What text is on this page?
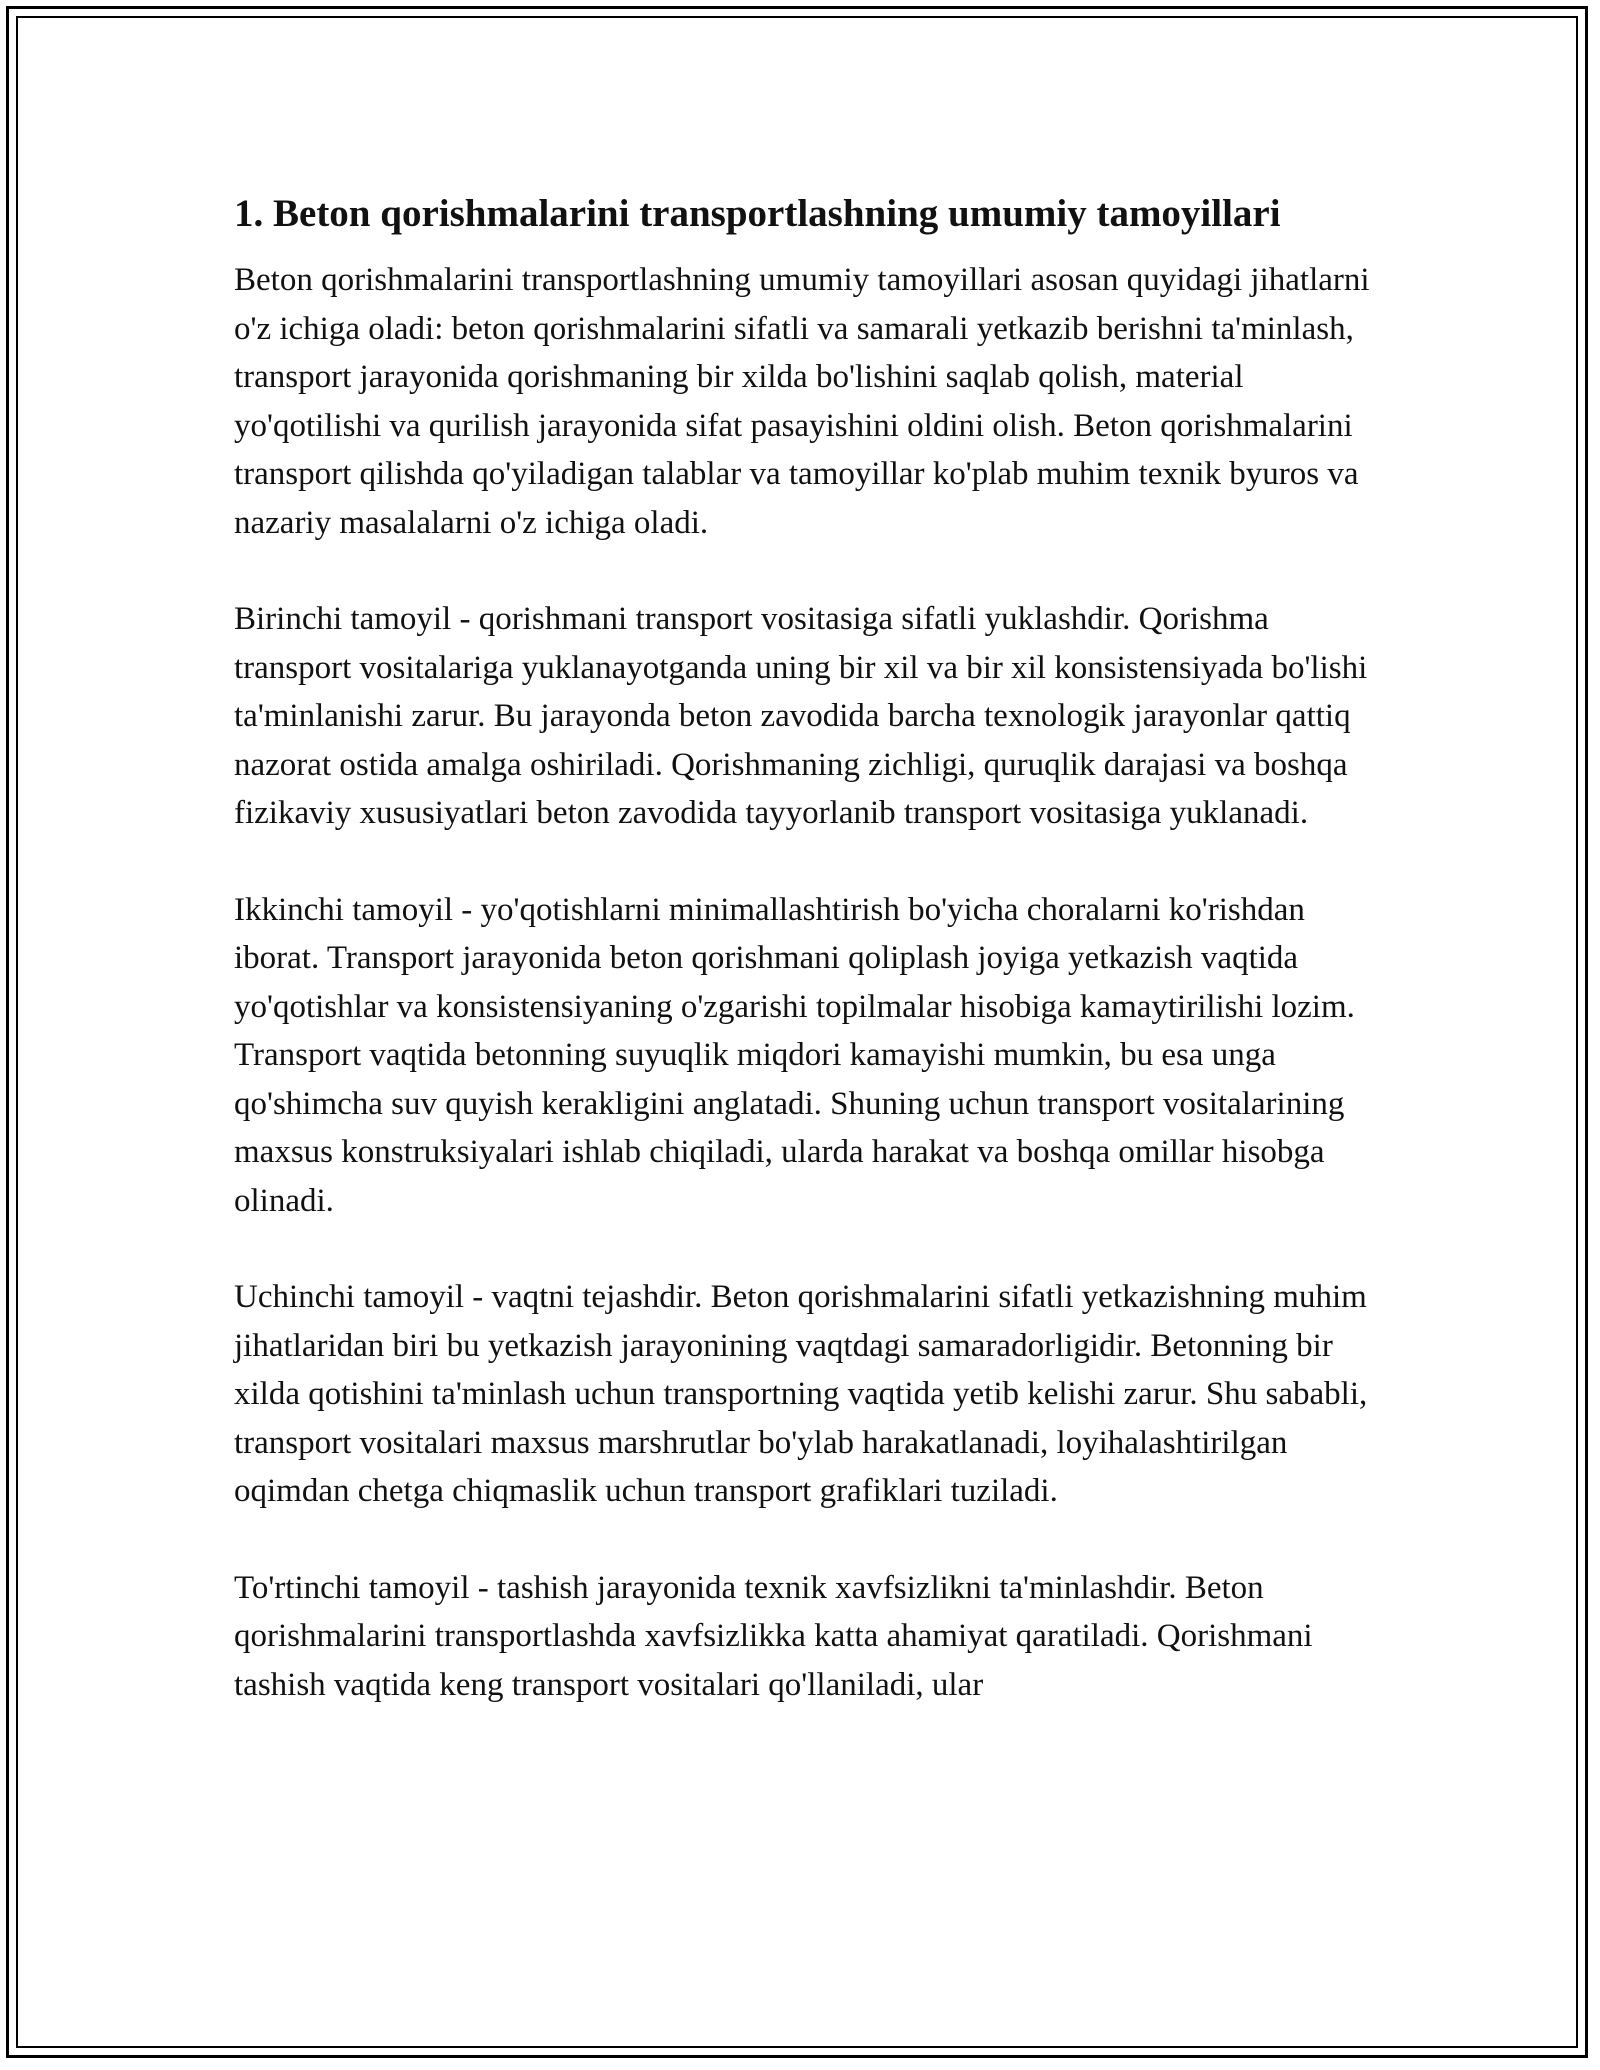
1. Beton qorishmalarini transportlashning umumiy tamoyillari

Beton qorishmalarini transportlashning umumiy tamoyillari asosan quyidagi jihatlarni o'z ichiga oladi: beton qorishmalarini sifatli va samarali yetkazib berishni ta'minlash, transport jarayonida qorishmaning bir xilda bo'lishini saqlab qolish, material yo'qotilishi va qurilish jarayonida sifat pasayishini oldini olish. Beton qorishmalarini transport qilishda qo'yiladigan talablar va tamoyillar ko'plab muhim texnik byuros va nazariy masalalarni o'z ichiga oladi.

Birinchi tamoyil - qorishmani transport vositasiga sifatli yuklashdir. Qorishma transport vositalariga yuklanayotganda uning bir xil va bir xil konsistensiyada bo'lishi ta'minlanishi zarur. Bu jarayonda beton zavodida barcha texnologik jarayonlar qattiq nazorat ostida amalga oshiriladi. Qorishmaning zichligi, quruqlik darajasi va boshqa fizikaviy xususiyatlari beton zavodida tayyorlanib transport vositasiga yuklanadi.

Ikkinchi tamoyil - yo'qotishlarni minimallashtirish bo'yicha choralarni ko'rishdan iborat. Transport jarayonida beton qorishmani qoliplash joyiga yetkazish vaqtida yo'qotishlar va konsistensiyaning o'zgarishi topilmalar hisobiga kamaytirilishi lozim. Transport vaqtida betonning suyuqlik miqdori kamayishi mumkin, bu esa unga qo'shimcha suv quyish kerakligini anglatadi. Shuning uchun transport vositalarining maxsus konstruksiyalari ishlab chiqiladi, ularda harakat va boshqa omillar hisobga olinadi.

Uchinchi tamoyil - vaqtni tejashdir. Beton qorishmalarini sifatli yetkazishning muhim jihatlaridan biri bu yetkazish jarayonining vaqtdagi samaradorligidir. Betonning bir xilda qotishini ta'minlash uchun transportning vaqtida yetib kelishi zarur. Shu sababli, transport vositalari maxsus marshrutlar bo'ylab harakatlanadi, loyihalashtirilgan oqimdan chetga chiqmaslik uchun transport grafiklari tuziladi.

To'rtinchi tamoyil - tashish jarayonida texnik xavfsizlikni ta'minlashdir. Beton qorishmalarini transportlashda xavfsizlikka katta ahamiyat qaratiladi. Qorishmani tashish vaqtida keng transport vositalari qo'llaniladi, ular
